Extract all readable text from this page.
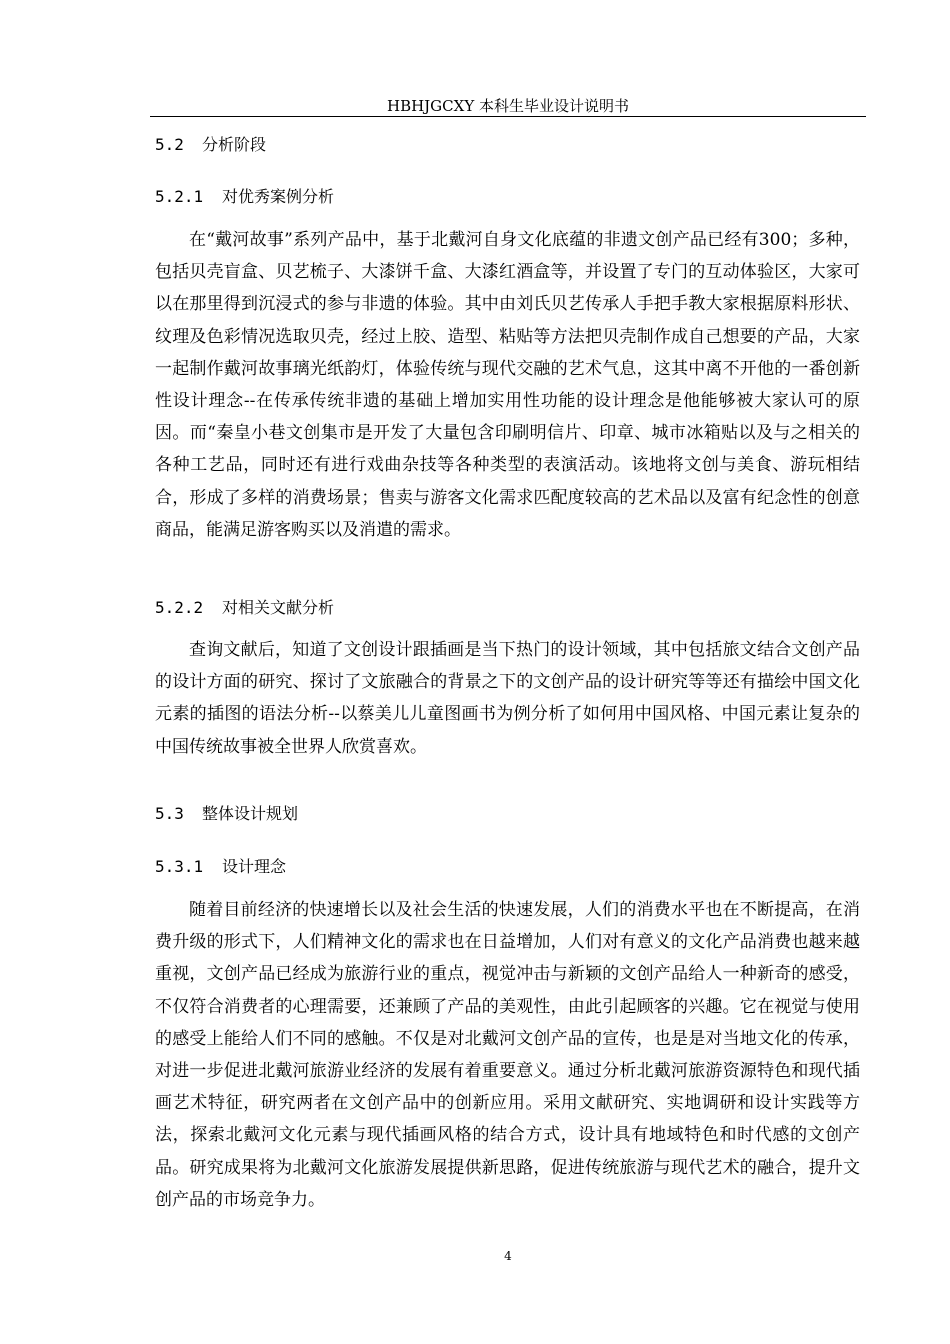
HBHJGCXY 本科生毕业设计说明书
5.2 分析阶段
5.2.1 对优秀案例分析

在“戴河故事”系列产品中，基于北戴河自身文化底蕴的非遗文创产品已经有300；多种，包括贝壳盲盒、贝艺梳子、大漆饼千盒、大漆红酒盒等，并设置了专门的互动体验区，大家可以在那里得到沉浸式的参与非遗的体验。其中由刘氏贝艺传承人手把手教大家根据原料形状、纹理及色彩情况选取贝壳，经过上胶、造型、粘贴等方法把贝壳制作成自己想要的产品，大家一起制作戴河故事璃光纸韵灯，体验传统与现代交融的艺术气息，这其中离不开他的一番创新性设计理念--在传承传统非遗的基础上增加实用性功能的设计理念是他能够被大家认可的原因。而“秦皇小巷文创集市是开发了大量包含印刷明信片、印章、城市冰箱贴以及与之相关的各种工艺品，同时还有进行戏曲杂技等各种类型的表演活动。该地将文创与美食、游玩相结合，形成了多样的消费场景；售卖与游客文化需求匹配度较高的艺术品以及富有纪念性的创意商品，能满足游客购买以及消遣的需求。

5.2.2 对相关文献分析

查询文献后，知道了文创设计跟插画是当下热门的设计领域，其中包括旅文结合文创产品的设计方面的研究、探讨了文旅融合的背景之下的文创产品的设计研究等等还有描绘中国文化元素的插图的语法分析--以蔡美儿儿童图画书为例分析了如何用中国风格、中国元素让复杂的中国传统故事被全世界人欣赏喜欢。

5.3 整体设计规划
5.3.1 设计理念

随着目前经济的快速增长以及社会生活的快速发展，人们的消费水平也在不断提高，在消费升级的形式下，人们精神文化的需求也在日益增加，人们对有意义的文化产品消费也越来越重视，文创产品已经成为旅游行业的重点，视觉冲击与新颖的文创产品给人一种新奇的感受，不仅符合消费者的心理需要，还兼顾了产品的美观性，由此引起顾客的兴趣。它在视觉与使用的感受上能给人们不同的感触。不仅是对北戴河文创产品的宣传，也是是对当地文化的传承，对进一步促进北戴河旅游业经济的发展有着重要意义。通过分析北戴河旅游资源特色和现代插画艺术特征，研究两者在文创产品中的创新应用。采用文献研究、实地调研和设计实践等方法，探索北戴河文化元素与现代插画风格的结合方式，设计具有地域特色和时代感的文创产品。研究成果将为北戴河文化旅游发展提供新思路，促进传统旅游与现代艺术的融合，提升文创产品的市场竞争力。

4
